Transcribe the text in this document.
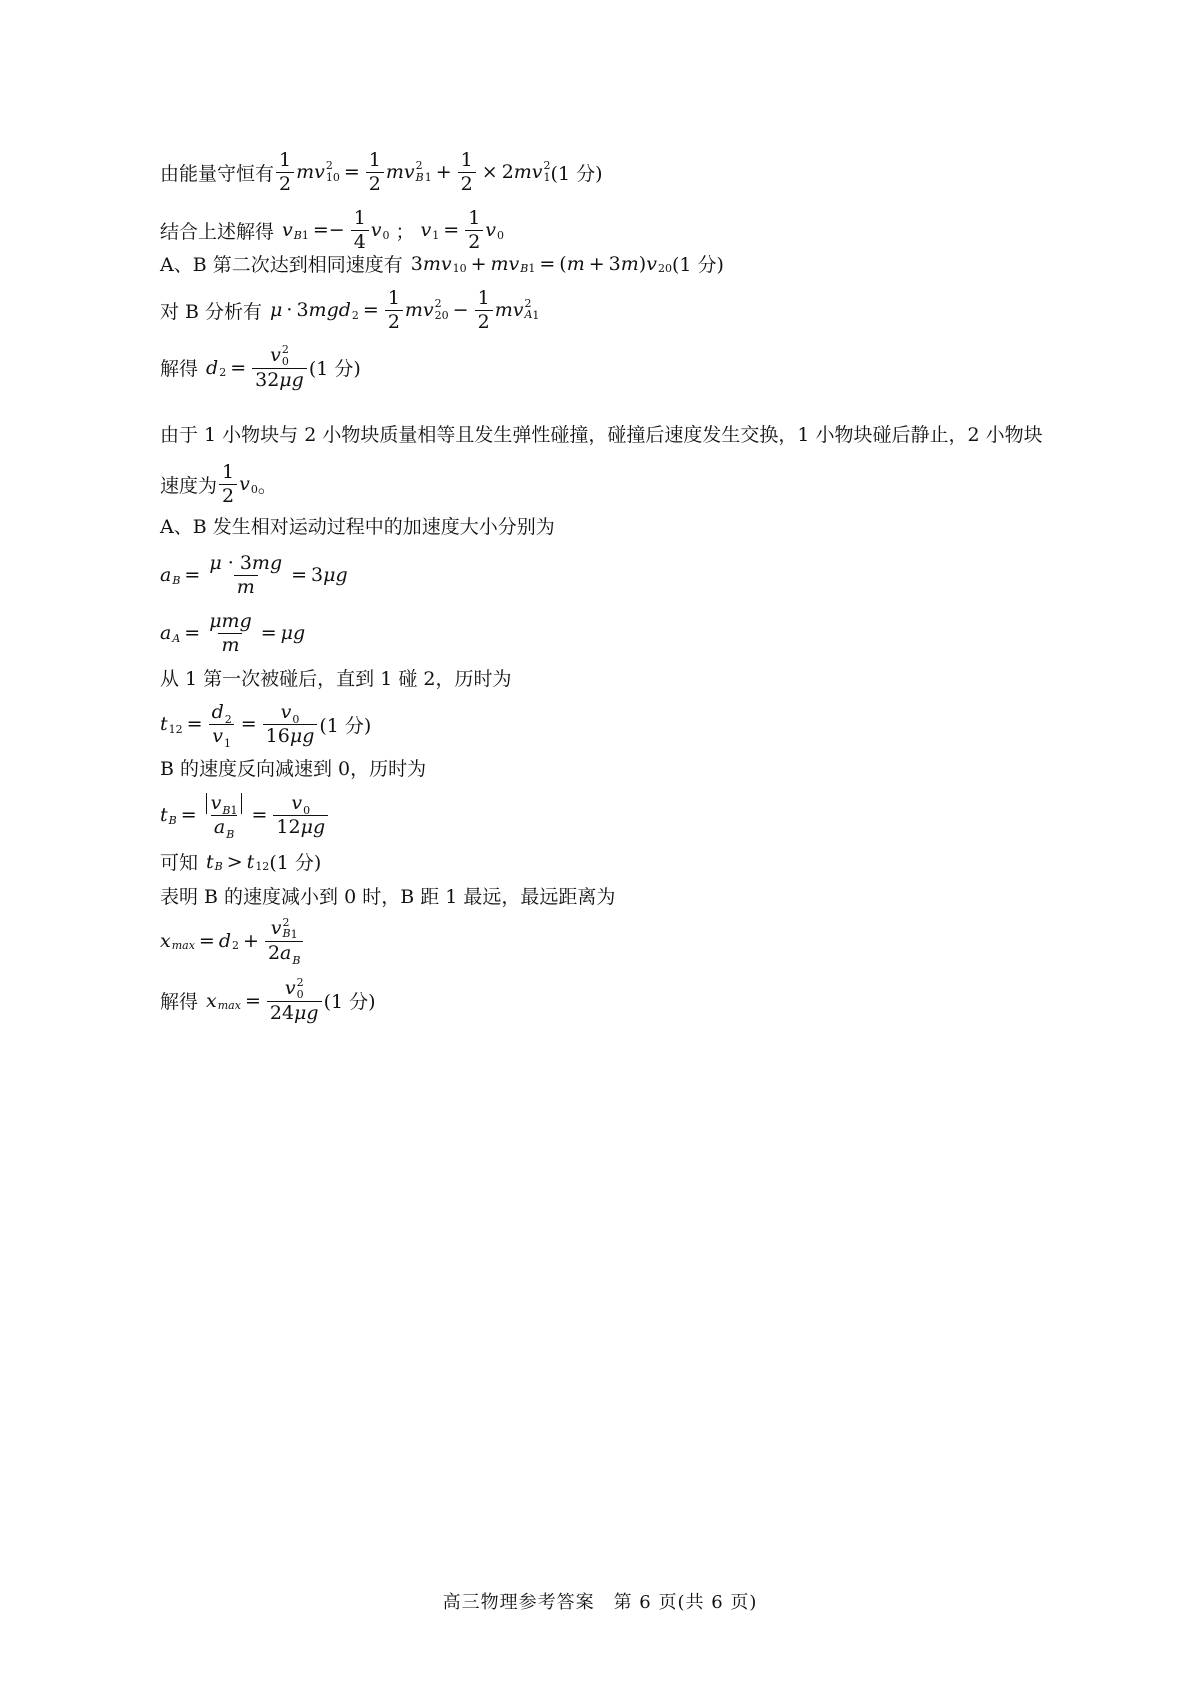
由能量守恒有 $\frac{1}{2}$ mv 2
$10 = \frac{1}{2}$ mv 2
B $1 + \frac{1}{2} \times 2$ mv 2
1 (1 分)
结合上述解得 v $B1 =- \frac{1}{4}$ v 0 ； v $1 = \frac{1}{2}$ v 0
A、B 第二次达到相同速度有 3 mv 10 + mv B1 = ( m + 3 m ) v 20 (1 分)
对 B 分析有 μ · 3 mgd $2 = \frac{1}{2}$ mv 2
$20 - \frac{1}{2}$ mv 2
A1
解得 d 2 = v 2
0
32μg (1 分)
由于 1 小物块与 2 小物块质量相等且发生弹性碰撞，碰撞后速度发生交换，1 小物块碰后静止，2 小物块
速度为 $\frac{1}{2}$ v 0 。
A、B 发生相对运动过程中的加速度大小分别为
a $B = \frac{\mu \cdot 3mg}{m} = 3$ μg
a $A = \frac{\text{μmg}}{m} = \mu g$
从 1 第一次被碰后，直到 1 碰 2，历时为
t $12 = \frac{d_2}{v_1} = \frac{v_0}{16\mu g} (1$ 分)
B 的速度反向减速到 0，历时为
t $B = \frac{v_{B1}}{a_B} = \frac{v_0}{12\mu g}$
可知 t B > t 12 (1 分)
表明 B 的速度减小到 0 时，B 距 1 最远，最远距离为
x max = d 2 + v 2
B1
$2a_B$
解得 x max = v 2
0
24μg (1 分)
高三物理参考答案　第 6 页(共 6 页)
